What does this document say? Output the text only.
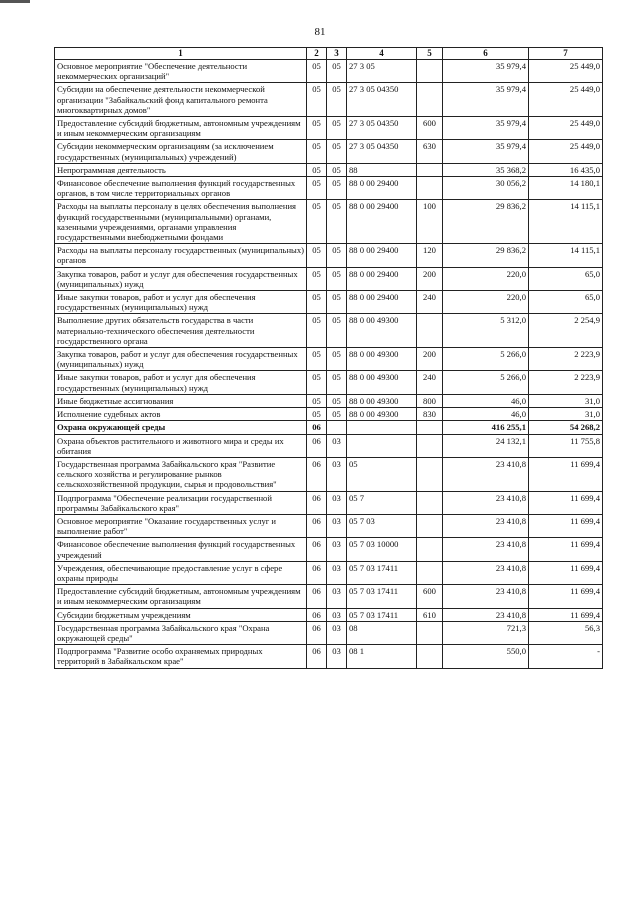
81
1	2	3	4	5	6	7
Основное мероприятие "Обеспечение деятельности некоммерческих организаций"	05	05	27 3 05		35 979,4	25 449,0
Субсидии на обеспечение деятельности некоммерческой организации "Забайкальский фонд капитального ремонта многоквартирных домов"	05	05	27 3 05 04350		35 979,4	25 449,0
Предоставление субсидий бюджетным, автономным учреждениям и иным некоммерческим организациям	05	05	27 3 05 04350	600	35 979,4	25 449,0
Субсидии некоммерческим организациям (за исключением государственных (муниципальных) учреждений)	05	05	27 3 05 04350	630	35 979,4	25 449,0
Непрограммная деятельность	05	05	88		35 368,2	16 435,0
Финансовое обеспечение выполнения функций государственных органов, в том числе территориальных органов	05	05	88 0 00 29400		30 056,2	14 180,1
Расходы на выплаты персоналу в целях обеспечения выполнения функций государственными (муниципальными) органами, казенными учреждениями, органами управления государственными внебюджетными фондами	05	05	88 0 00 29400	100	29 836,2	14 115,1
Расходы на выплаты персоналу государственных (муниципальных) органов	05	05	88 0 00 29400	120	29 836,2	14 115,1
Закупка товаров, работ и услуг для обеспечения государственных (муниципальных) нужд	05	05	88 0 00 29400	200	220,0	65,0
Иные закупки товаров, работ и услуг для обеспечения государственных (муниципальных) нужд	05	05	88 0 00 29400	240	220,0	65,0
Выполнение других обязательств государства в части материально-технического обеспечения деятельности государственного органа	05	05	88 0 00 49300		5 312,0	2 254,9
Закупка товаров, работ и услуг для обеспечения государственных (муниципальных) нужд	05	05	88 0 00 49300	200	5 266,0	2 223,9
Иные закупки товаров, работ и услуг для обеспечения государственных (муниципальных) нужд	05	05	88 0 00 49300	240	5 266,0	2 223,9
Иные бюджетные ассигнования	05	05	88 0 00 49300	800	46,0	31,0
Исполнение судебных актов	05	05	88 0 00 49300	830	46,0	31,0
Охрана окружающей среды	06				416 255,1	54 268,2
Охрана объектов растительного и животного мира и среды их обитания	06	03			24 132,1	11 755,8
Государственная программа Забайкальского края "Развитие сельского хозяйства и регулирование рынков сельскохозяйственной продукции, сырья и продовольствия"	06	03	05		23 410,8	11 699,4
Подпрограмма "Обеспечение реализации государственной программы Забайкальского края"	06	03	05 7		23 410,8	11 699,4
Основное мероприятие "Оказание государственных услуг и выполнение работ"	06	03	05 7 03		23 410,8	11 699,4
Финансовое обеспечение выполнения функций государственных учреждений	06	03	05 7 03 10000		23 410,8	11 699,4
Учреждения, обеспечивающие предоставление услуг в сфере охраны природы	06	03	05 7 03 17411		23 410,8	11 699,4
Предоставление субсидий бюджетным, автономным учреждениям и иным некоммерческим организациям	06	03	05 7 03 17411	600	23 410,8	11 699,4
Субсидии бюджетным учреждениям	06	03	05 7 03 17411	610	23 410,8	11 699,4
Государственная программа Забайкальского края "Охрана окружающей среды"	06	03	08		721,3	56,3
Подпрограмма "Развитие особо охраняемых природных территорий в Забайкальском крае"	06	03	08 1		550,0	-
